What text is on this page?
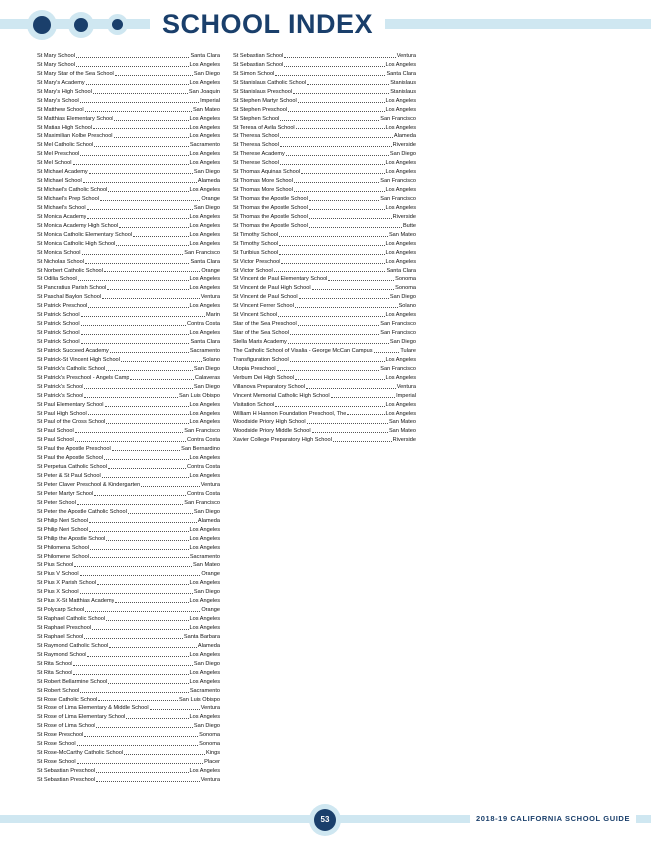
SCHOOL INDEX
St Mary School	Santa Clara
St Mary School	Los Angeles
St Mary Star of the Sea School	San Diego
St Mary's Academy	Los Angeles
St Mary's High School	San Joaquin
St Mary's School	Imperial
St Matthew School	San Mateo
St Matthias Elementary School	Los Angeles
St Matias High School	Los Angeles
St Maximilian Kolbe Preschool	Los Angeles
St Mel Catholic School	Sacramento
St Mel Preschool	Los Angeles
St Mel School	Los Angeles
St Michael Academy	San Diego
St Michael School	Alameda
St Michael's Catholic School	Los Angeles
St Michael's Prep School	Orange
St Michael's School	San Diego
St Monica Academy	Los Angeles
St Monica Academy High School	Los Angeles
St Monica Catholic Elementary School	Los Angeles
St Monica Catholic High School	Los Angeles
St Monica School	San Francisco
St Nicholas School	Santa Clara
St Norbert Catholic School	Orange
St Odilia School	Los Angeles
St Pancratius Parish School	Los Angeles
St Paschal Baylon School	Ventura
St Patrick Preschool	Los Angeles
St Patrick School	Marin
St Patrick School	Contra Costa
St Patrick School	Los Angeles
St Patrick School	Santa Clara
St Patrick Succeed Academy	Sacramento
St Patrick-St Vincent High School	Solano
St Patrick's Catholic School	San Diego
St Patrick's Preschool - Angels Camp	Calaveras
St Patrick's School	San Diego
St Patrick's School	San Luis Obispo
St Paul Elementary School	Los Angeles
St Paul High School	Los Angeles
St Paul of the Cross School	Los Angeles
St Paul School	San Francisco
St Paul School	Contra Costa
St Paul the Apostle Preschool	San Bernardino
St Paul the Apostle School	Los Angeles
St Perpetua Catholic School	Contra Costa
St Peter & St Paul School	Los Angeles
St Peter Claver Preschool & Kindergarten	Ventura
St Peter Martyr School	Contra Costa
St Peter School	San Francisco
St Peter the Apostle Catholic School	San Diego
St Philip Neri School	Alameda
St Philip Neri School	Los Angeles
St Philip the Apostle School	Los Angeles
St Philomena School	Los Angeles
St Philomene School	Sacramento
St Pius School	San Mateo
St Pius V School	Orange
St Pius X Parish School	Los Angeles
St Pius X School	San Diego
St Pius X-St Matthias Academy	Los Angeles
St Polycarp School	Orange
St Raphael Catholic School	Los Angeles
St Raphael Preschool	Los Angeles
St Raphael School	Santa Barbara
St Raymond Catholic School	Alameda
St Raymond School	Los Angeles
St Rita School	San Diego
St Rita School	Los Angeles
St Robert Bellarmine School	Los Angeles
St Robert School	Sacramento
St Rose Catholic School	San Luis Obispo
St Rose of Lima Elementary & Middle School	Ventura
St Rose of Lima Elementary School	Los Angeles
St Rose of Lima School	San Diego
St Rose Preschool	Sonoma
St Rose School	Sonoma
St Rose-McCarthy Catholic School	Kings
St Rose School	Placer
St Sebastian Preschool	Los Angeles
St Sebastian Preschool	Ventura
St Sebastian School	Ventura
St Sebastian School	Los Angeles
St Simon School	Santa Clara
St Stanislaus Catholic School	Stanislaus
St Stanislaus Preschool	Stanislaus
St Stephen Martyr School	Los Angeles
St Stephen Preschool	Los Angeles
St Stephen School	San Francisco
St Teresa of Avila School	Los Angeles
St Theresa School	Alameda
St Theresa School	Riverside
St Therese Academy	San Diego
St Therese School	Los Angeles
St Thomas Aquinas School	Los Angeles
St Thomas More School	San Francisco
St Thomas More School	Los Angeles
St Thomas the Apostle School	San Francisco
St Thomas the Apostle School	Los Angeles
St Thomas the Apostle School	Riverside
St Thomas the Apostle School	Butte
St Timothy School	San Mateo
St Timothy School	Los Angeles
St Turibius School	Los Angeles
St Victor Preschool	Los Angeles
St Victor School	Santa Clara
St Vincent de Paul Elementary School	Sonoma
St Vincent de Paul High School	Sonoma
St Vincent de Paul School	San Diego
St Vincent Ferrer School	Solano
St Vincent School	Los Angeles
Star of the Sea Preschool	San Francisco
Star of the Sea School	San Francisco
Stella Maris Academy	San Diego
The Catholic School of Visalia - George McCan Campus	Tulare
Transfiguration School	Los Angeles
Utopia Preschool	San Francisco
Verbum Dei High School	Los Angeles
Villanova Preparatory School	Ventura
Vincent Memorial Catholic High School	Imperial
Visitation School	Los Angeles
William H Hannon Foundation Preschool, The	Los Angeles
Woodside Priory High School	San Mateo
Woodside Priory Middle School	San Mateo
Xavier College Preparatory High School	Riverside
53	2018-19 CALIFORNIA SCHOOL GUIDE
